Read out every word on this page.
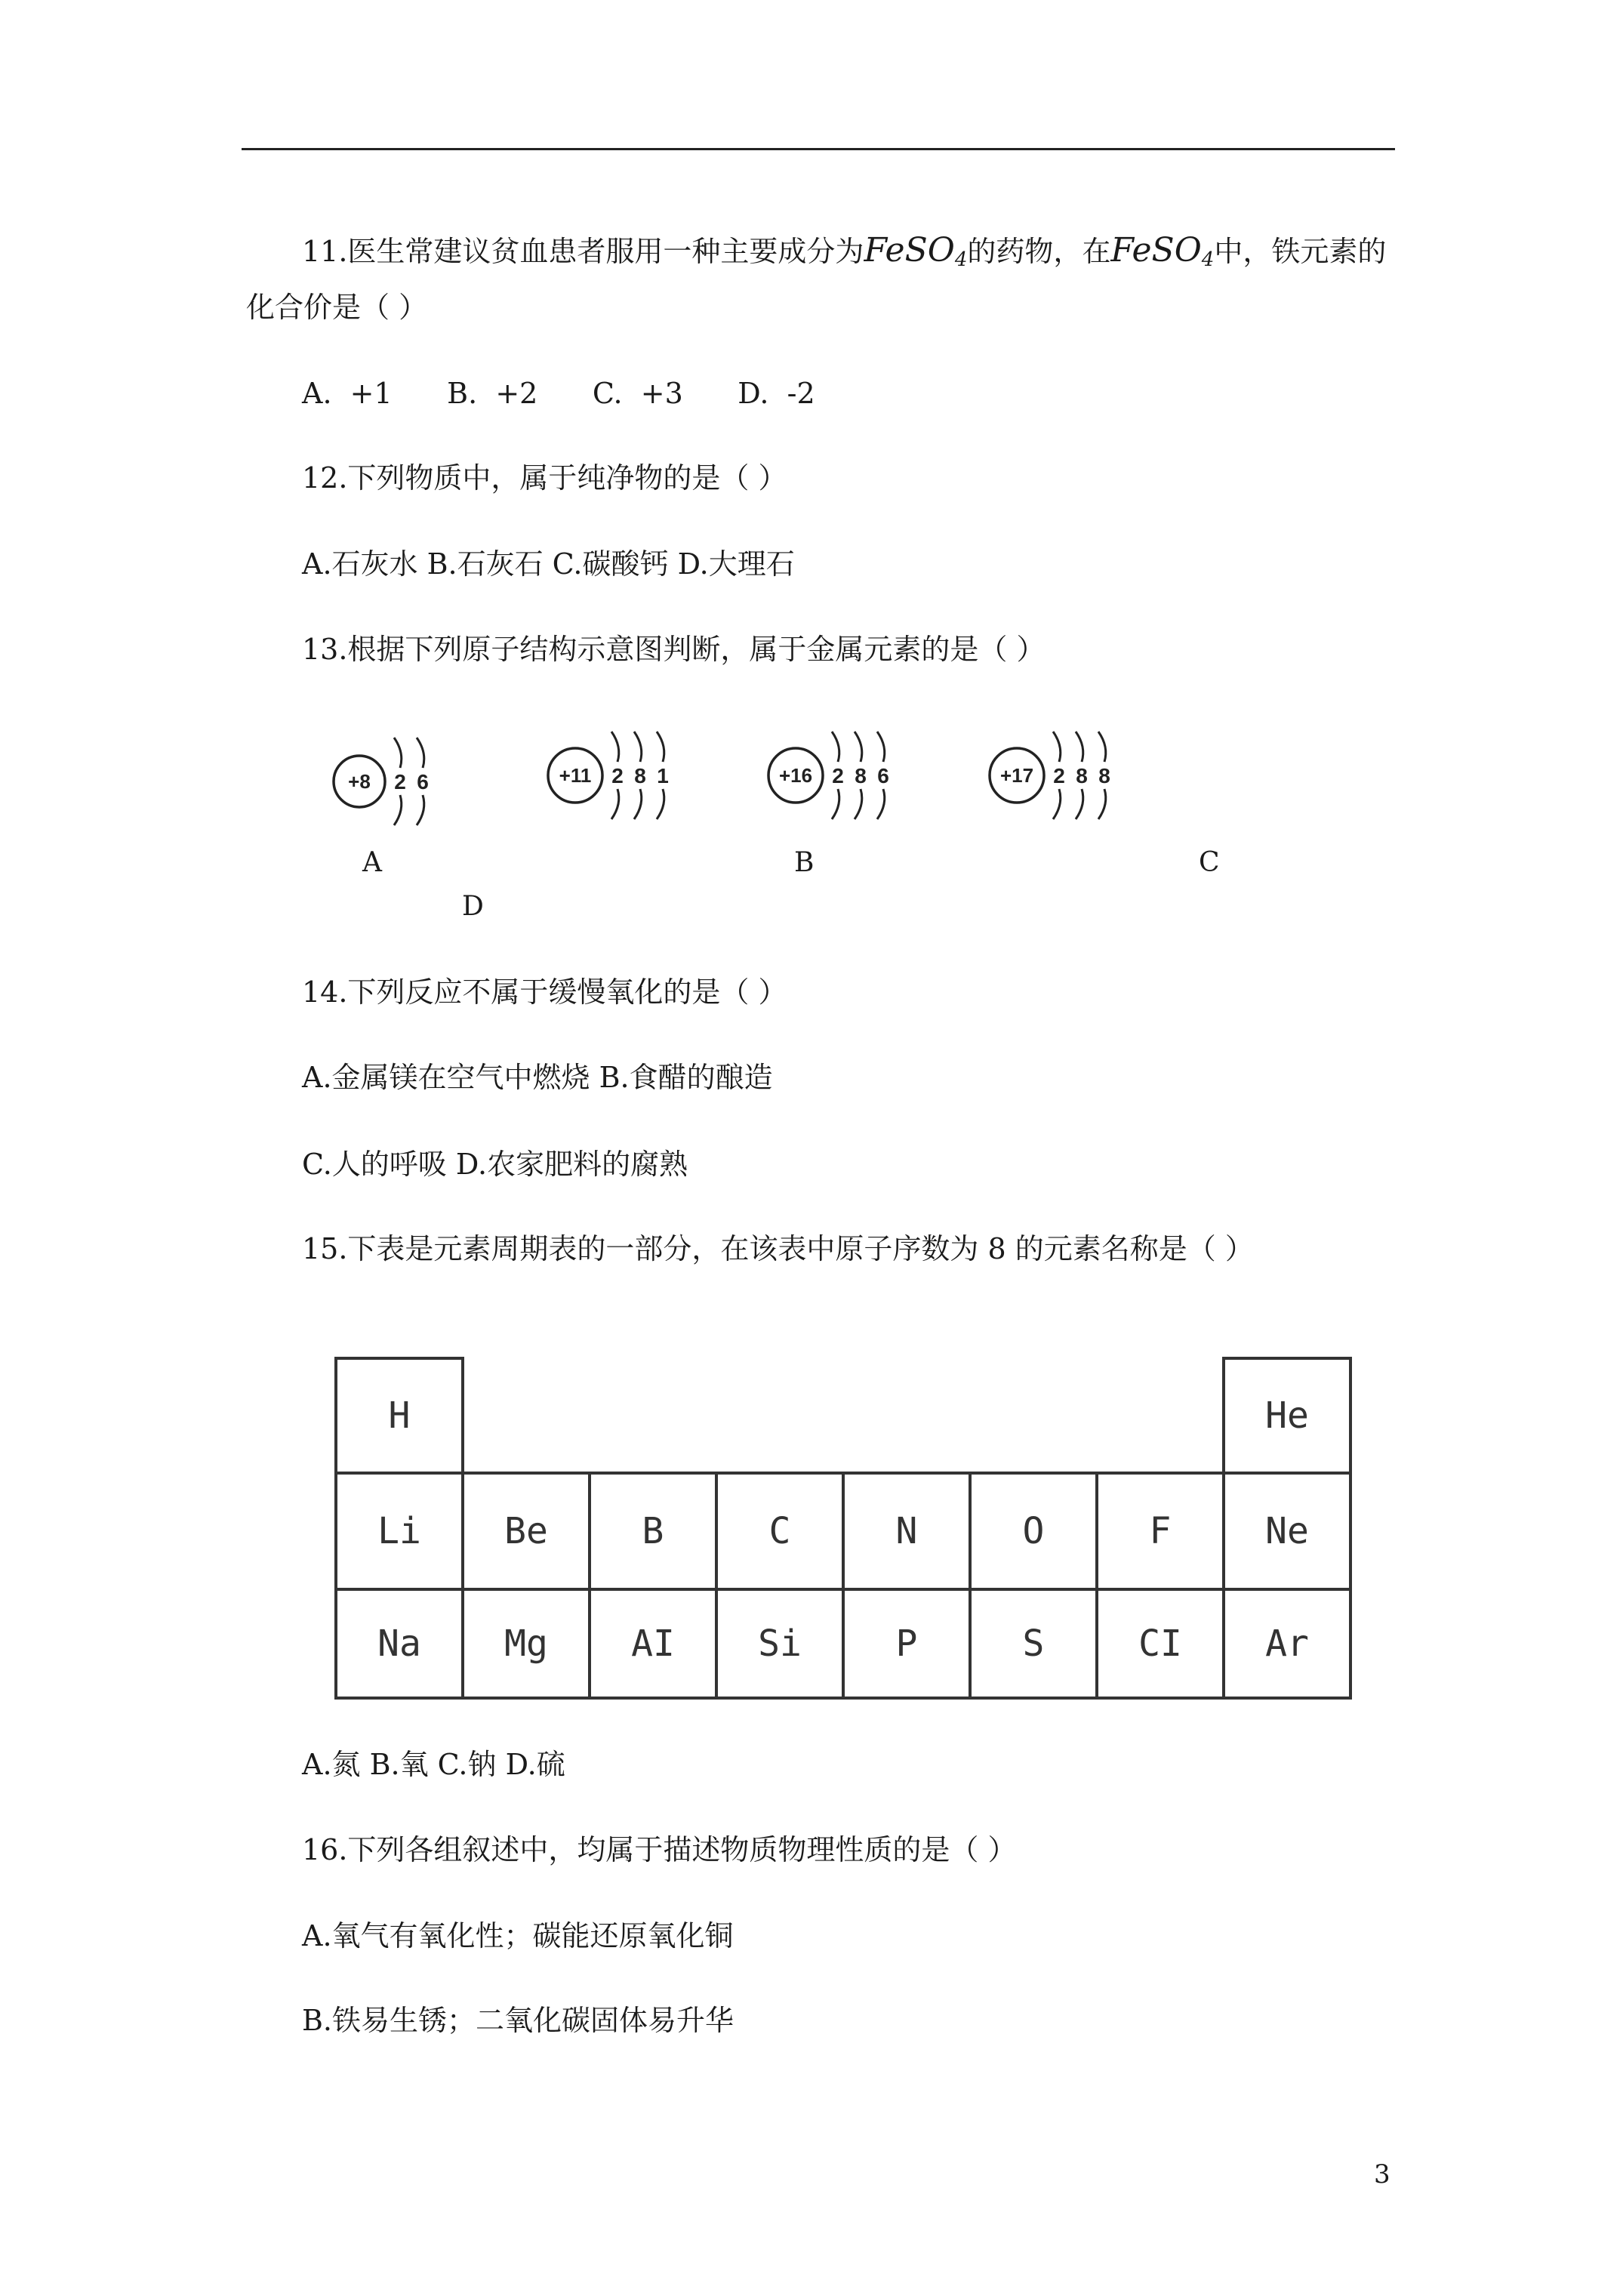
11.医生常建议贫血患者服用一种主要成分为FeSO$_4$的药物，在FeSO$_4$中，铁元素的
化合价是（ ）
A.  +1      B.  +2      C.  +3      D.  -2
12.下列物质中，属于纯净物的是（ ）
A.石灰水 B.石灰石 C.碳酸钙 D.大理石
13.根据下列原子结构示意图判断，属于金属元素的是（ ）
+8 2 6	+11 2 8 1	+16 2 8 6	+17 2 8 8
A	B	C
D
14.下列反应不属于缓慢氧化的是（ ）
A.金属镁在空气中燃烧 B.食醋的酿造
C.人的呼吸 D.农家肥料的腐熟
15.下表是元素周期表的一部分，在该表中原子序数为 8 的元素名称是（ ）
H							He
Li	Be	B	C	N	O	F	Ne
Na	Mg	AI	Si	P	S	CI	Ar
A.氮 B.氧 C.钠 D.硫
16.下列各组叙述中，均属于描述物质物理性质的是（ ）
A.氧气有氧化性；碳能还原氧化铜
B.铁易生锈；二氧化碳固体易升华
3
